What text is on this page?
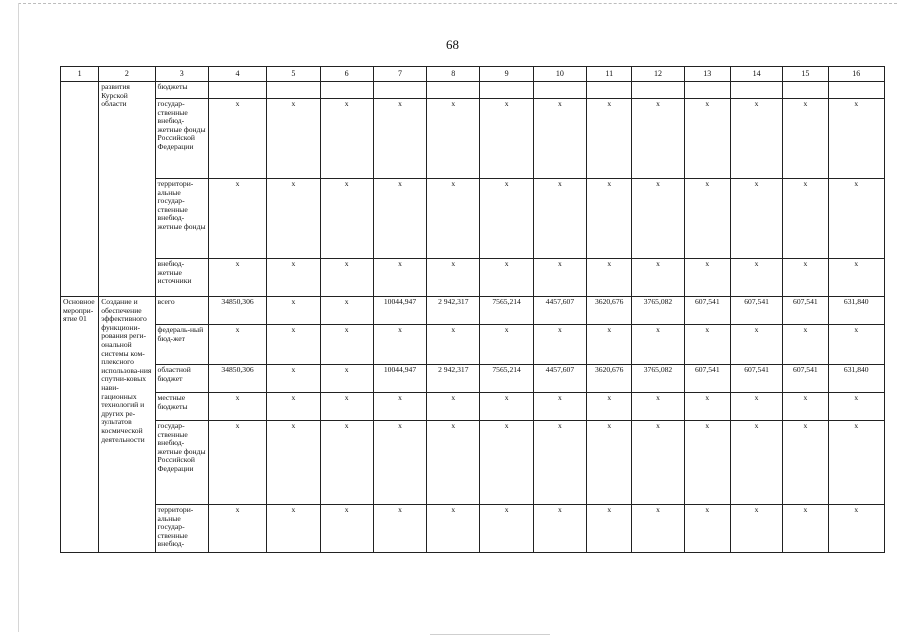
68
1	2	3	4	5	6	7	8	9	10	11	12	13	14	15	16
	развития Курской области	бюджеты													
		государ-ственные внебюд-жетные фонды Российской Федерации	x	x	x	x	x	x	x	x	x	x	x	x	x
		территори-альные государ-ственные внебюд-жетные фонды	x	x	x	x	x	x	x	x	x	x	x	x	x
		внебюд-жетные источники	x	x	x	x	x	x	x	x	x	x	x	x	x
Основное меропри-ятие 01	Создание и обеспечение эффективного функциони-рования реги-ональной системы ком-плексного использова-ния спутни-ковых нави-гационных технологий и других ре-зультатов космической деятельности	всего	34850,306	x	x	10044,947	2 942,317	7565,214	4457,607	3620,676	3765,082	607,541	607,541	607,541	631,840
		федераль-ный бюд-жет	x	x	x	x	x	x	x	x	x	x	x	x	x
		областной бюджет	34850,306	x	x	10044,947	2 942,317	7565,214	4457,607	3620,676	3765,082	607,541	607,541	607,541	631,840
		местные бюджеты	x	x	x	x	x	x	x	x	x	x	x	x	x
		государ-ственные внебюд-жетные фонды Российской Федерации	x	x	x	x	x	x	x	x	x	x	x	x	x
		территори-альные государ-ственные внебюд-	x	x	x	x	x	x	x	x	x	x	x	x	x
